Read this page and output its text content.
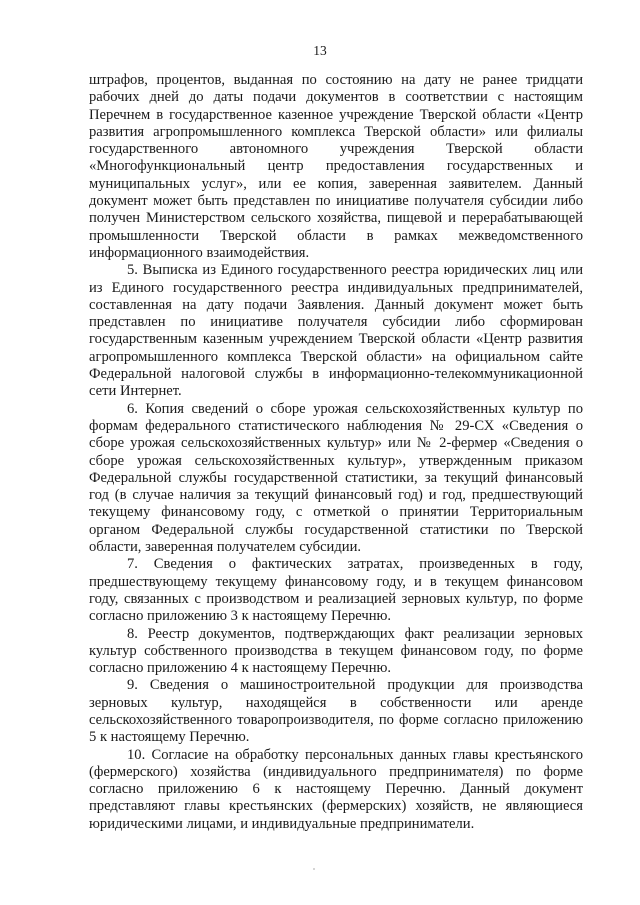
13

штрафов, процентов, выданная по состоянию на дату не ранее тридцати рабочих дней до даты подачи документов в соответствии с настоящим Перечнем в государственное казенное учреждение Тверской области «Центр развития агропромышленного комплекса Тверской области» или филиалы государственного автономного учреждения Тверской области «Многофункциональный центр предоставления государственных и муниципальных услуг», или ее копия, заверенная заявителем. Данный документ может быть представлен по инициативе получателя субсидии либо получен Министерством сельского хозяйства, пищевой и перерабатывающей промышленности Тверской области в рамках межведомственного информационного взаимодействия.

5. Выписка из Единого государственного реестра юридических лиц или из Единого государственного реестра индивидуальных предпринимателей, составленная на дату подачи Заявления. Данный документ может быть представлен по инициативе получателя субсидии либо сформирован государственным казенным учреждением Тверской области «Центр развития агропромышленного комплекса Тверской области» на официальном сайте Федеральной налоговой службы в информационно-телекоммуникационной сети Интернет.

6. Копия сведений о сборе урожая сельскохозяйственных культур по формам федерального статистического наблюдения № 29-СХ «Сведения о сборе урожая сельскохозяйственных культур» или № 2-фермер «Сведения о сборе урожая сельскохозяйственных культур», утвержденным приказом Федеральной службы государственной статистики, за текущий финансовый год (в случае наличия за текущий финансовый год) и год, предшествующий текущему финансовому году, с отметкой о принятии Территориальным органом Федеральной службы государственной статистики по Тверской области, заверенная получателем субсидии.

7. Сведения о фактических затратах, произведенных в году, предшествующему текущему финансовому году, и в текущем финансовом году, связанных с производством и реализацией зерновых культур, по форме согласно приложению 3 к настоящему Перечню.

8. Реестр документов, подтверждающих факт реализации зерновых культур собственного производства в текущем финансовом году, по форме согласно приложению 4 к настоящему Перечню.

9. Сведения о машиностроительной продукции для производства зерновых культур, находящейся в собственности или аренде сельскохозяйственного товаропроизводителя, по форме согласно приложению 5 к настоящему Перечню.

10. Согласие на обработку персональных данных главы крестьянского (фермерского) хозяйства (индивидуального предпринимателя) по форме согласно приложению 6 к настоящему Перечню. Данный документ представляют главы крестьянских (фермерских) хозяйств, не являющиеся юридическими лицами, и индивидуальные предприниматели.
